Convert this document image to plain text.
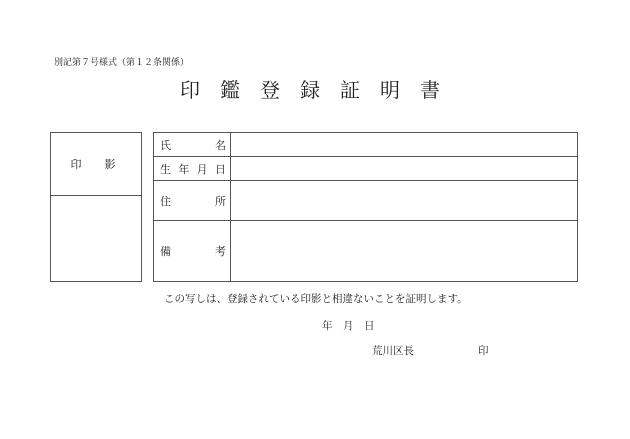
別記第７号様式（第１２条関係）
印鑑登録証明書
印　影
氏	名
生 年 月 日
住	所
備	考
この写しは、登録されている印影と相違ないことを証明します。
年　月　日
荒川区長	印
